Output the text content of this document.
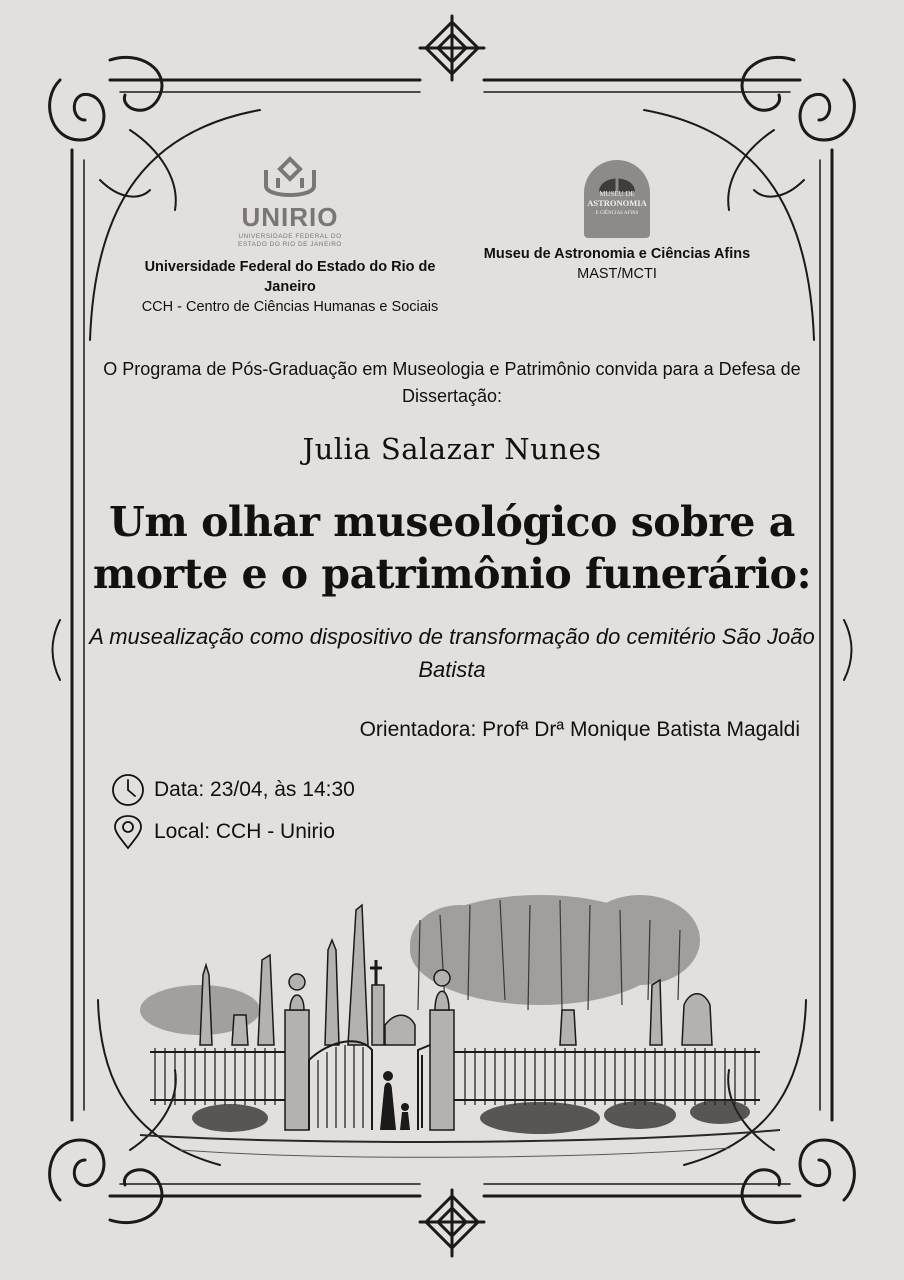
UNIRIO
UNIVERSIDADE FEDERAL DO
ESTADO DO RIO DE JANEIRO
Universidade Federal do Estado do Rio de Janeiro
CCH - Centro de Ciências Humanas e Sociais
MUSEU DE
ASTRONOMIA
E CIÊNCIAS AFINS
Museu de Astronomia e Ciências Afins
MAST/MCTI
O Programa de Pós-Graduação em Museologia e Patrimônio convida para a Defesa de Dissertação:
Julia Salazar Nunes
Um olhar museológico sobre a morte e o patrimônio funerário:
A musealização como dispositivo de transformação do cemitério São João Batista
Orientadora: Profª Drª Monique Batista Magaldi
Data: 23/04, às 14:30
Local: CCH - Unirio
